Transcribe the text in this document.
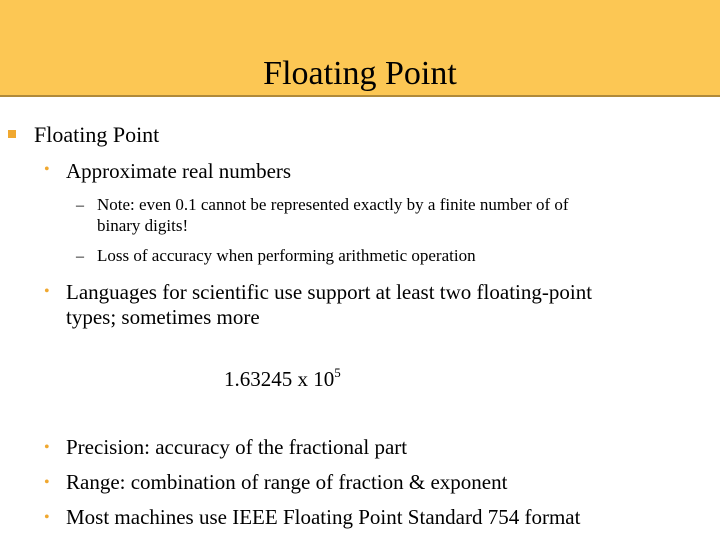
Floating Point
Floating Point
• Approximate real numbers
– Note: even 0.1 cannot be represented exactly by a finite number of of
binary digits!
– Loss of accuracy when performing arithmetic operation
• Languages for scientific use support at least two floating-point
types; sometimes more
1.63245 x $10^5$
• Precision: accuracy of the fractional part
• Range: combination of range of fraction & exponent
• Most machines use IEEE Floating Point Standard 754 format
